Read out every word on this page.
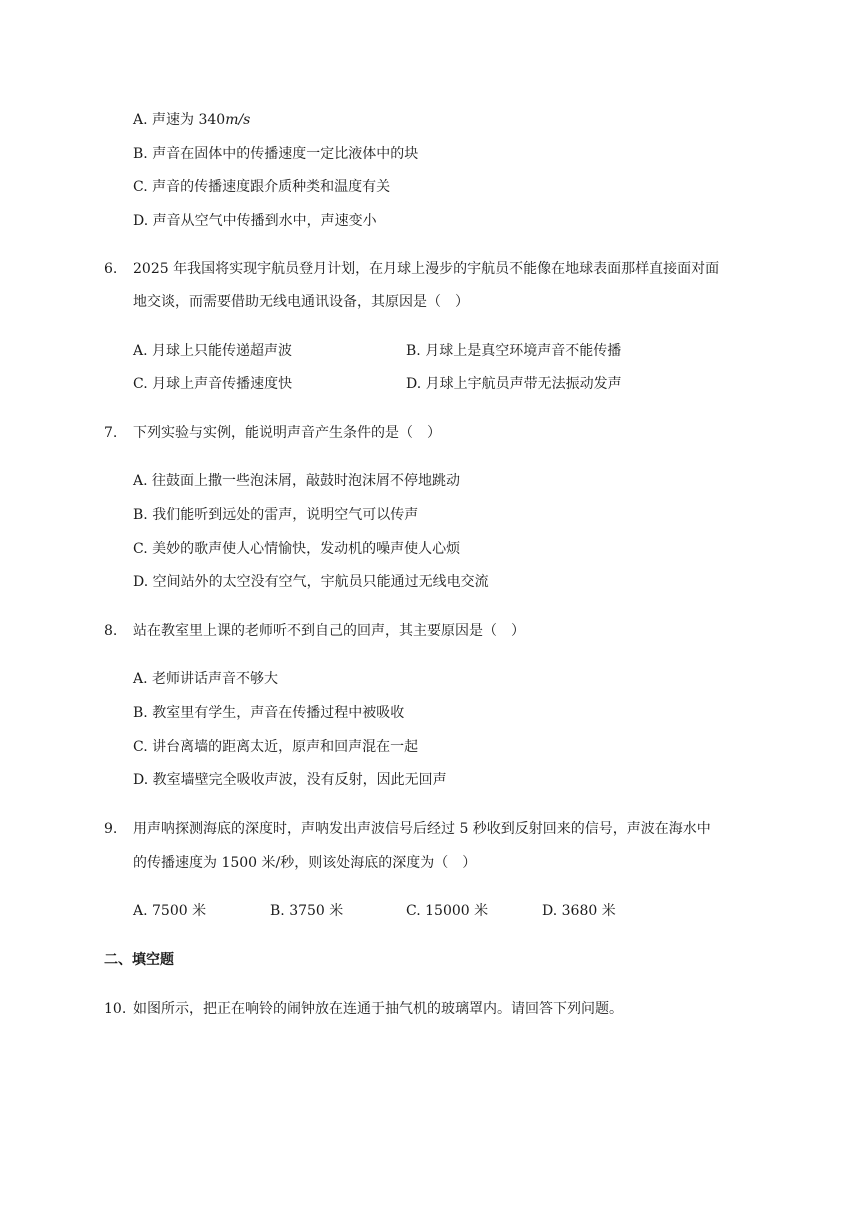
A. 声速为 340m/s
B. 声音在固体中的传播速度一定比液体中的块
C. 声音的传播速度跟介质种类和温度有关
D. 声音从空气中传播到水中，声速变小
6. 2025 年我国将实现宇航员登月计划，在月球上漫步的宇航员不能像在地球表面那样直接面对面
地交谈，而需要借助无线电通讯设备，其原因是（　）
A. 月球上只能传递超声波	B. 月球上是真空环境声音不能传播
C. 月球上声音传播速度快	D. 月球上宇航员声带无法振动发声
7. 下列实验与实例，能说明声音产生条件的是（　）
A. 往鼓面上撒一些泡沫屑，敲鼓时泡沫屑不停地跳动
B. 我们能听到远处的雷声，说明空气可以传声
C. 美妙的歌声使人心情愉快，发动机的噪声使人心烦
D. 空间站外的太空没有空气，宇航员只能通过无线电交流
8. 站在教室里上课的老师听不到自己的回声，其主要原因是（　）
A. 老师讲话声音不够大
B. 教室里有学生，声音在传播过程中被吸收
C. 讲台离墙的距离太近，原声和回声混在一起
D. 教室墙壁完全吸收声波，没有反射，因此无回声
9. 用声呐探测海底的深度时，声呐发出声波信号后经过 5 秒收到反射回来的信号，声波在海水中
的传播速度为 1500 米/秒，则该处海底的深度为（　）
A. 7500 米	B. 3750 米	C. 15000 米	D. 3680 米
二、填空题
10. 如图所示，把正在响铃的闹钟放在连通于抽气机的玻璃罩内。请回答下列问题。
